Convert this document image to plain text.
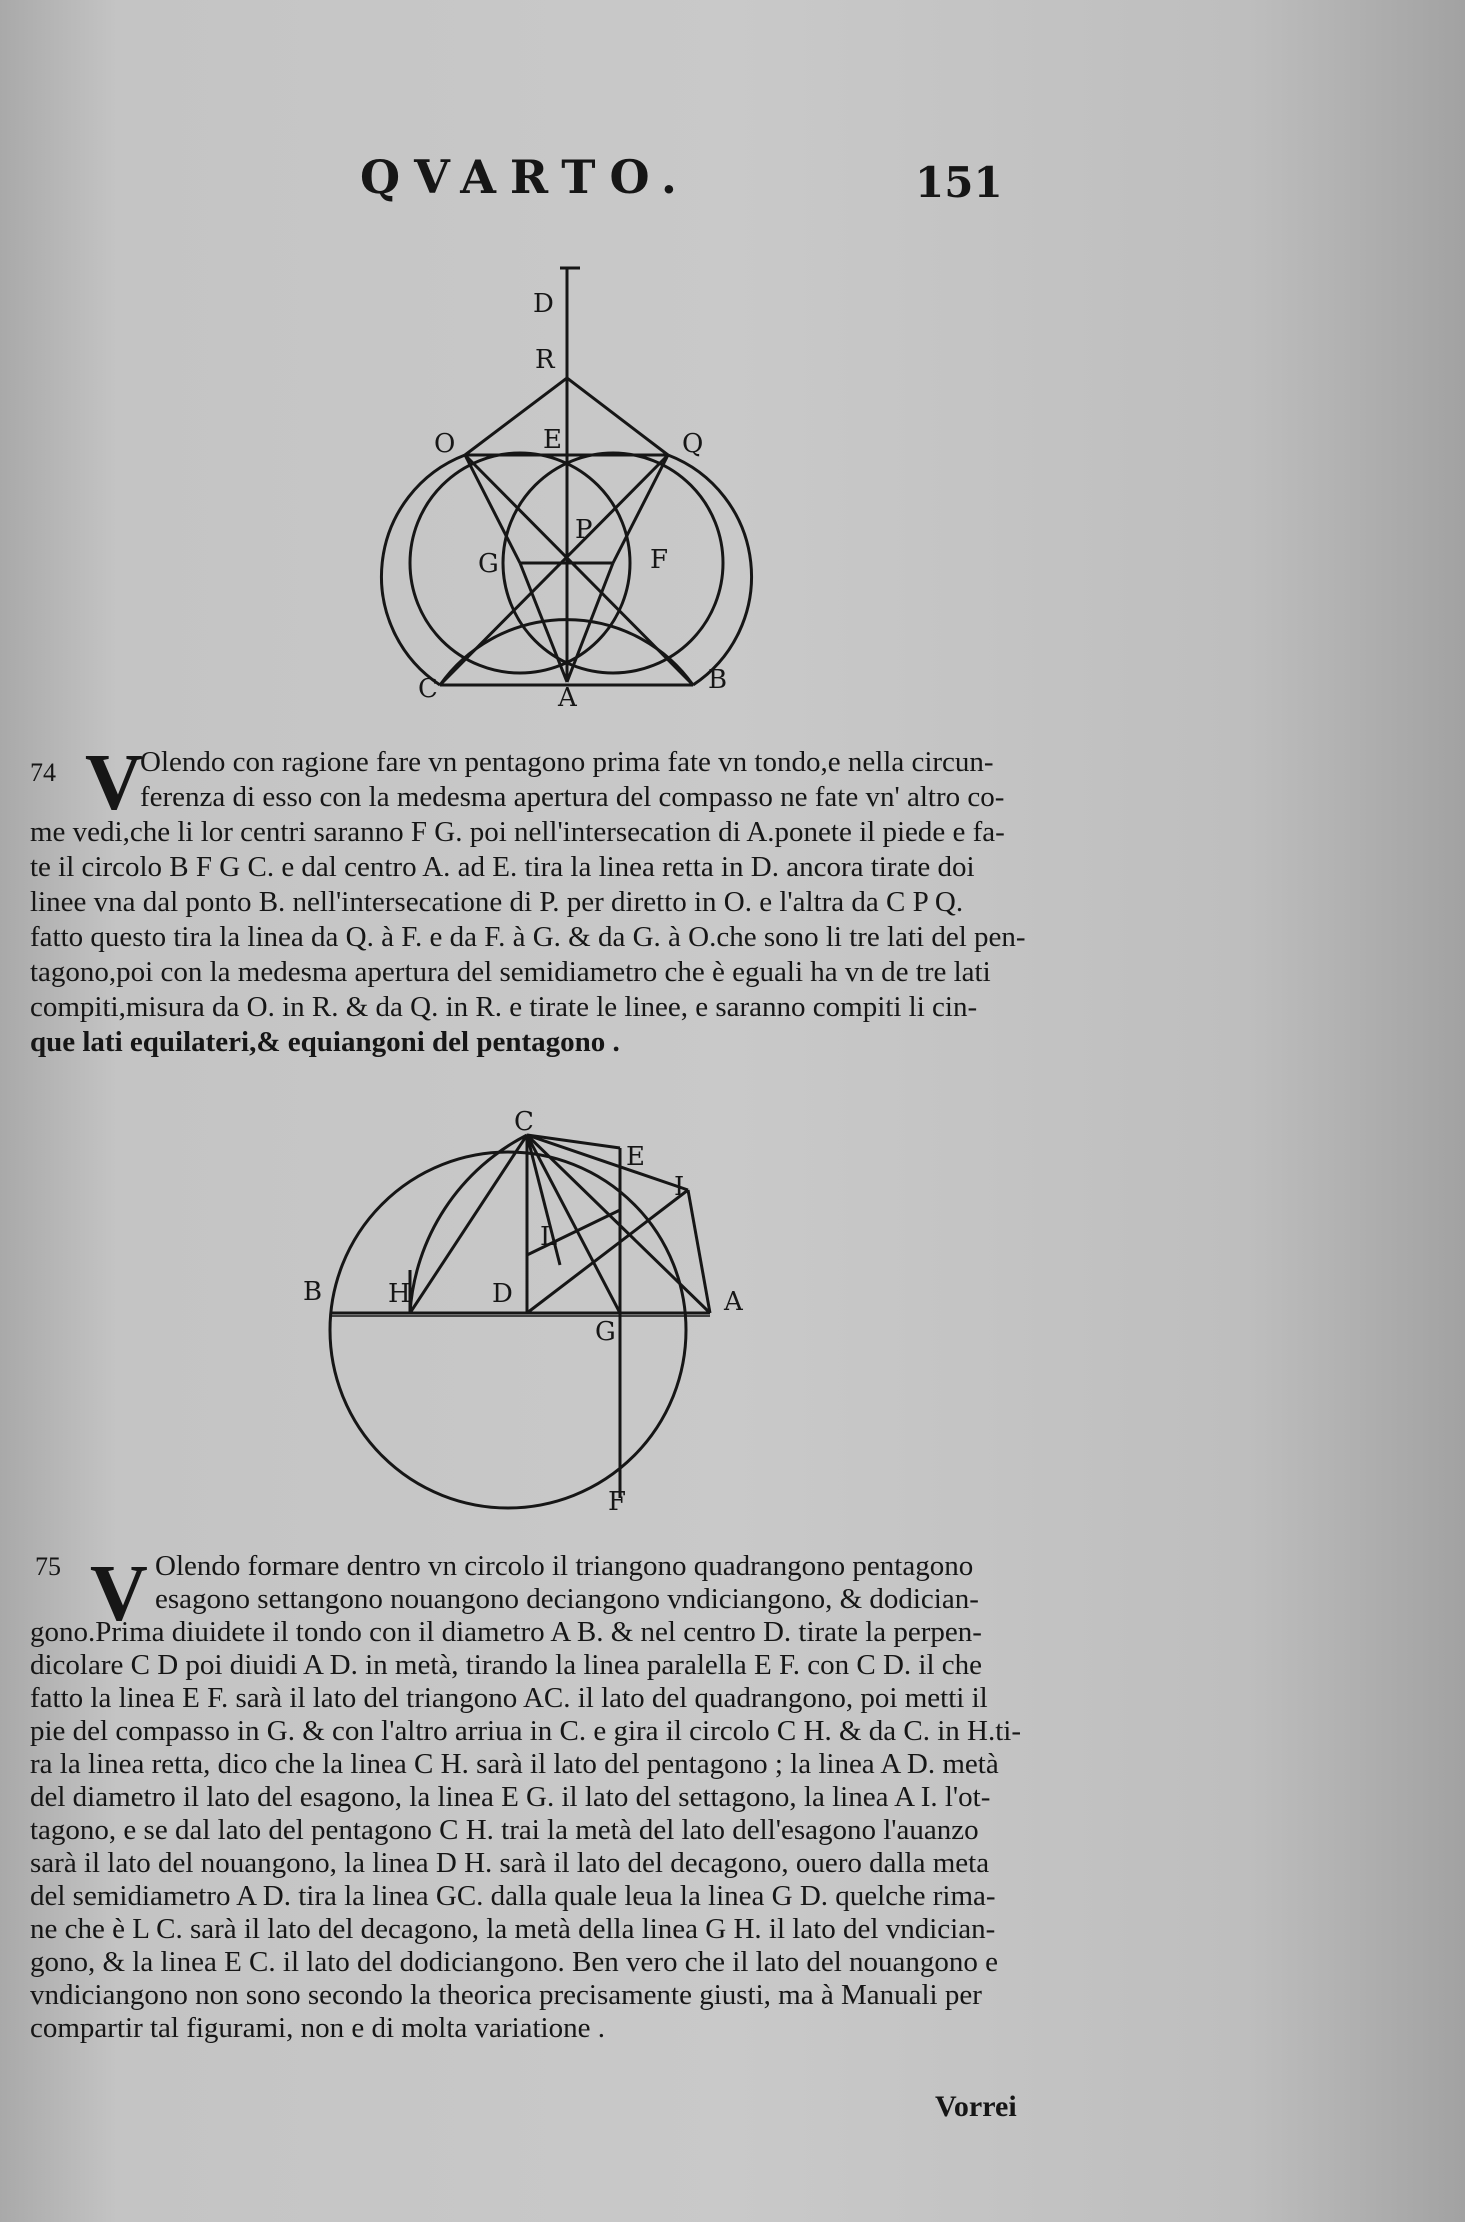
QVARTO.	151
D
R
O	E	Q
P
G	F
C	A
B
74 V
Olendo con ragione fare vn pentagono prima fate vn tondo,e nella circun-
ferenza di esso con la medesma apertura del compasso ne fate vn' altro co-
me vedi,che li lor centri saranno F G. poi nell'intersecation di A.ponete il piede e fa-
te il circolo B F G C. e dal centro A. ad E. tira la linea retta in D. ancora tirate doi
linee vna dal ponto B. nell'intersecatione di P. per diretto in O. e l'altra da C P Q.
fatto questo tira la linea da Q. à F. e da F. à G. & da G. à O.che sono li tre lati del pen-
tagono,poi con la medesma apertura del semidiametro che è eguali ha vn de tre lati
compiti,misura da O. in R. & da Q. in R. e tirate le linee, e saranno compiti li cin-
que lati equilateri,& equiangoni del pentagono .
C
E
I
L
B	H	D	A
G
F
75 V Olendo formare dentro vn circolo il triangono quadrangono pentagono
esagono settangono nouangono deciangono vndiciangono, & dodician-
gono.Prima diuidete il tondo con il diametro A B. & nel centro D. tirate la perpen-
dicolare C D poi diuidi A D. in metà, tirando la linea paralella E F. con C D. il che
fatto la linea E F. sarà il lato del triangono AC. il lato del quadrangono, poi metti il
pie del compasso in G. & con l'altro arriua in C. e gira il circolo C H. & da C. in H.ti-
ra la linea retta, dico che la linea C H. sarà il lato del pentagono ; la linea A D. metà
del diametro il lato del esagono, la linea E G. il lato del settagono, la linea A I. l'ot-
tagono, e se dal lato del pentagono C H. trai la metà del lato dell'esagono l'auanzo
sarà il lato del nouangono, la linea D H. sarà il lato del decagono, ouero dalla meta
del semidiametro A D. tira la linea GC. dalla quale leua la linea G D. quelche rima-
ne che è L C. sarà il lato del decagono, la metà della linea G H. il lato del vndician-
gono, & la linea E C. il lato del dodiciangono. Ben vero che il lato del nouangono e
vndiciangono non sono secondo la theorica precisamente giusti, ma à Manuali per
compartir tal figurami, non e di molta variatione .
Vorrei
